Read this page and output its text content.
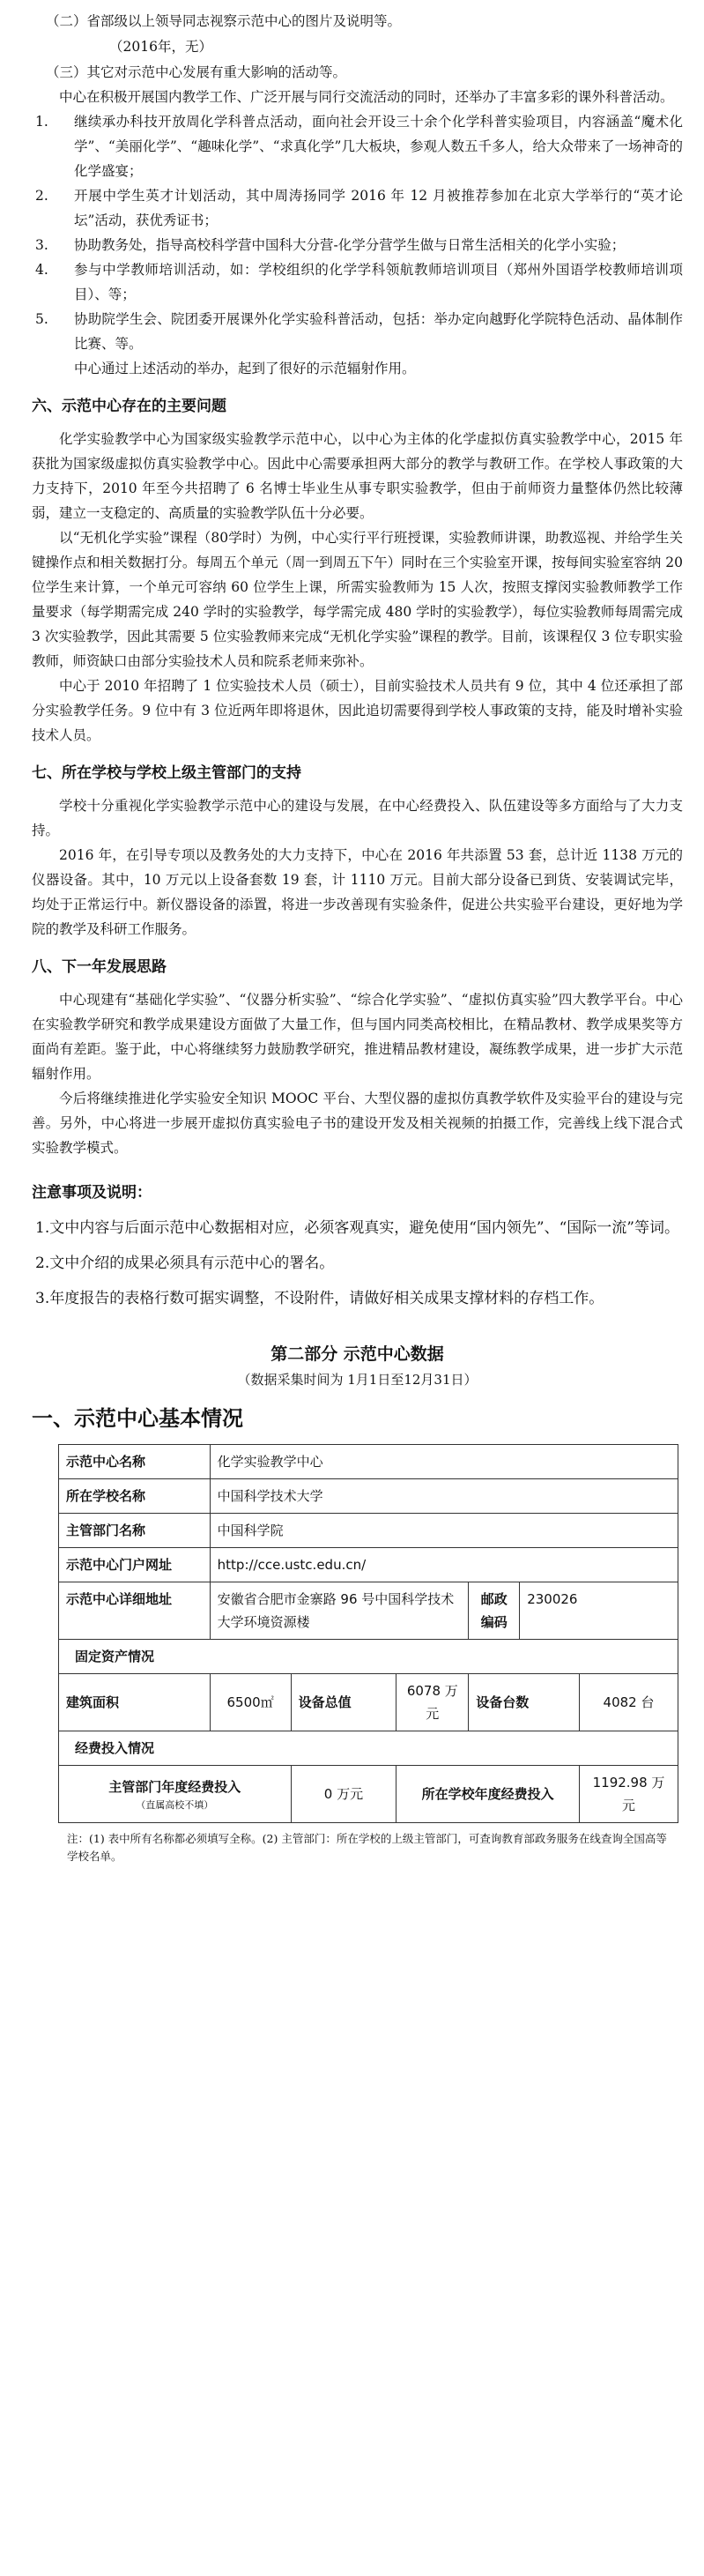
（二）省部级以上领导同志视察示范中心的图片及说明等。

（2016年，无）

（三）其它对示范中心发展有重大影响的活动等。

中心在积极开展国内教学工作、广泛开展与同行交流活动的同时，还举办了丰富多彩的课外科普活动。

1. 继续承办科技开放周化学科普点活动，面向社会开设三十余个化学科普实验项目，内容涵盖“魔术化学”、“美丽化学”、“趣味化学”、“求真化学”几大板块，参观人数五千多人，给大众带来了一场神奇的化学盛宴；
2. 开展中学生英才计划活动，其中周涛扬同学 2016 年 12 月被推荐参加在北京大学举行的“英才论坛”活动，获优秀证书；
3. 协助教务处，指导高校科学营中国科大分营-化学分营学生做与日常生活相关的化学小实验；
4. 参与中学教师培训活动，如：学校组织的化学学科领航教师培训项目（郑州外国语学校教师培训项目）、等；
5. 协助院学生会、院团委开展课外化学实验科普活动，包括：举办定向越野化学院特色活动、晶体制作比赛、等。

中心通过上述活动的举办，起到了很好的示范辐射作用。

六、示范中心存在的主要问题

化学实验教学中心为国家级实验教学示范中心，以中心为主体的化学虚拟仿真实验教学中心，2015 年获批为国家级虚拟仿真实验教学中心。因此中心需要承担两大部分的教学与教研工作。在学校人事政策的大力支持下，2010 年至今共招聘了 6 名博士毕业生从事专职实验教学，但由于前师资力量整体仍然比较薄弱，建立一支稳定的、高质量的实验教学队伍十分必要。

以“无机化学实验”课程（80学时）为例，中心实行平行班授课，实验教师讲课，助教巡视、并给学生关键操作点和相关数据打分。每周五个单元（周一到周五下午）同时在三个实验室开课，按每间实验室容纳 20 位学生来计算，一个单元可容纳 60 位学生上课，所需实验教师为 15 人次，按照支撑闵实验教师教学工作量要求（每学期需完成 240 学时的实验教学，每学需完成 480 学时的实验教学），每位实验教师每周需完成 3 次实验教学，因此其需要 5 位实验教师来完成“无机化学实验”课程的教学。目前，该课程仅 3 位专职实验教师，师资缺口由部分实验技术人员和院系老师来弥补。

中心于 2010 年招聘了 1 位实验技术人员（硕士），目前实验技术人员共有 9 位，其中 4 位还承担了部分实验教学任务。9 位中有 3 位近两年即将退休，因此追切需要得到学校人事政策的支持，能及时增补实验技术人员。

七、所在学校与学校上级主管部门的支持

学校十分重视化学实验教学示范中心的建设与发展，在中心经费投入、队伍建设等多方面给与了大力支持。

2016 年，在引导专项以及教务处的大力支持下，中心在 2016 年共添置 53 套，总计近 1138 万元的仪器设备。其中，10 万元以上设备套数 19 套，计 1110 万元。目前大部分设备已到货、安装调试完毕，均处于正常运行中。新仪器设备的添置，将进一步改善现有实验条件，促进公共实验平台建设，更好地为学院的教学及科研工作服务。

八、下一年发展思路

中心现建有“基础化学实验”、“仪器分析实验”、“综合化学实验”、“虚拟仿真实验”四大教学平台。中心在实验教学研究和教学成果建设方面做了大量工作，但与国内同类高校相比，在精品教材、教学成果奖等方面尚有差距。鉴于此，中心将继续努力鼓励教学研究，推进精品教材建设，凝练教学成果，进一步扩大示范辐射作用。

今后将继续推进化学实验安全知识 MOOC 平台、大型仪器的虚拟仿真教学软件及实验平台的建设与完善。另外，中心将进一步展开虚拟仿真实验电子书的建设开发及相关视频的拍摄工作，完善线上线下混合式实验教学模式。

注意事项及说明：

1.文中内容与后面示范中心数据相对应，必须客观真实，避免使用“国内领先”、“国际一流”等词。

2.文中介绍的成果必须具有示范中心的署名。

3.年度报告的表格行数可据实调整，不设附件，请做好相关成果支撑材料的存档工作。

第二部分 示范中心数据
（数据采集时间为 1月1日至12月31日）
一、示范中心基本情况
示范中心名称	化学实验教学中心					
所在学校名称	中国科学技术大学					
主管部门名称	中国科学院					
示范中心门户网址	http://cce.ustc.edu.cn/					
示范中心详细地址	安徽省合肥市金寨路 96 号中国科学技术大学环境资源楼			邮政编码	230026	
固定资产情况						
建筑面积	6500㎡	设备总值	6078 万元	设备台数		4082 台
经费投入情况						
主管部门年度经费投入
（直属高校不填）		0 万元	所在学校年度经费投入			1192.98 万元

注：(1) 表中所有名称都必须填写全称。(2) 主管部门：所在学校的上级主管部门，可查询教育部政务服务在线查询全国高等学校名单。
